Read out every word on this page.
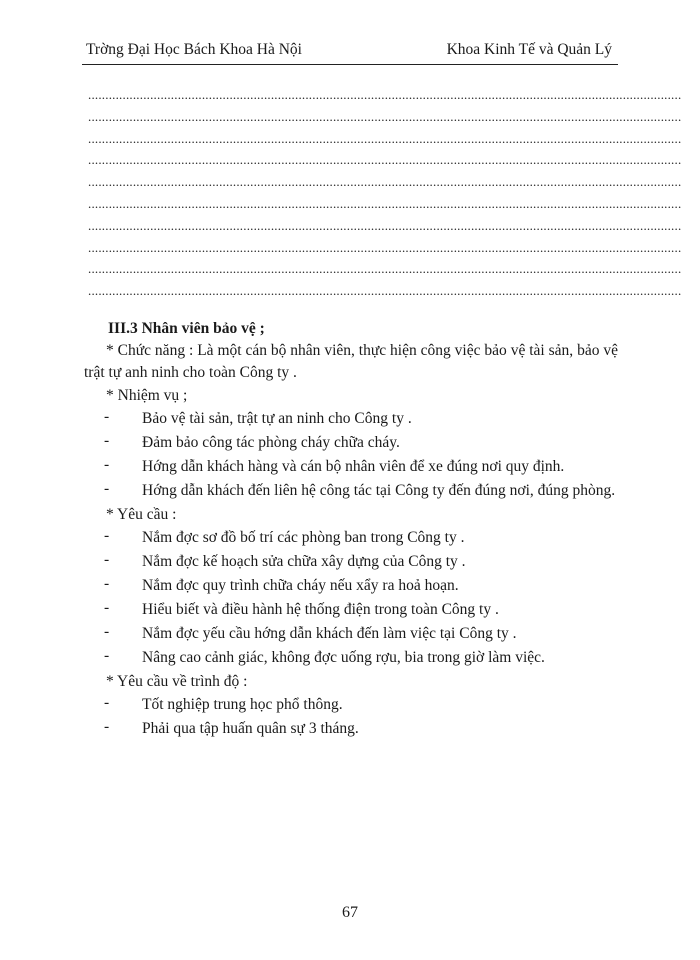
Trờng Đại Học Bách Khoa Hà Nội	Khoa Kinh Tế và Quản Lý
............................................................................................................................................................................
............................................................................................................................................................................
............................................................................................................................................................................
............................................................................................................................................................................
............................................................................................................................................................................
............................................................................................................................................................................
............................................................................................................................................................................
............................................................................................................................................................................
............................................................................................................................................................................
............................................................................................................................................................................
III.3 Nhân viên bảo vệ ;
* Chức năng : Là một cán bộ nhân viên, thực hiện công việc bảo vệ tài sản, bảo vệ trật tự anh ninh cho toàn Công ty .
* Nhiệm vụ ;
-	Bảo vệ tài sản, trật tự an ninh cho Công ty .
-	Đảm bảo công tác phòng cháy chữa cháy.
-	Hớng dẫn khách hàng và cán bộ nhân viên để xe đúng nơi quy định.
-	Hớng dẫn khách đến liên hệ công tác tại Công ty đến đúng nơi, đúng phòng.
* Yêu cầu :
-	Nắm đợc sơ đồ bố trí các phòng ban trong Công ty .
-	Nắm đợc kế hoạch sửa chữa xây dựng của Công ty .
-	Nắm đợc quy trình chữa cháy nếu xẩy ra hoả hoạn.
-	Hiểu biết và điều hành hệ thống điện trong toàn Công ty .
-	Nắm đợc yếu cầu hớng dẫn khách đến làm việc tại Công ty .
-	Nâng cao cảnh giác, không đợc uống rợu, bia trong giờ làm việc.
* Yêu cầu về trình độ :
-	Tốt nghiệp trung học phổ thông.
-	Phải qua tập huấn quân sự 3 tháng.
67
